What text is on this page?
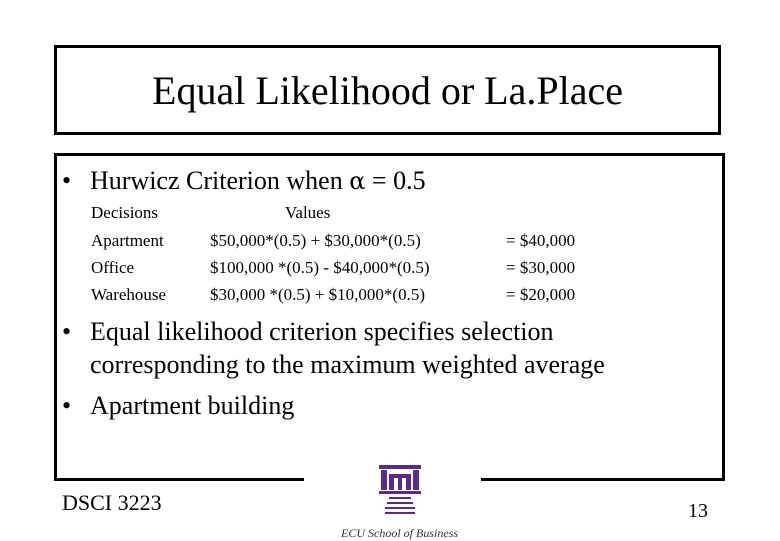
Equal Likelihood or La.Place
• Hurwicz Criterion when α = 0.5
Decisions	Values
Apartment	$50,000*(0.5) + $30,000*(0.5)	= $40,000
Office	$100,000 *(0.5) - $40,000*(0.5)	= $30,000
Warehouse	$30,000 *(0.5) + $10,000*(0.5)	= $20,000
• Equal likelihood criterion specifies selection
corresponding to the maximum weighted average
• Apartment building
DSCI 3223	13
ECU School of Business
